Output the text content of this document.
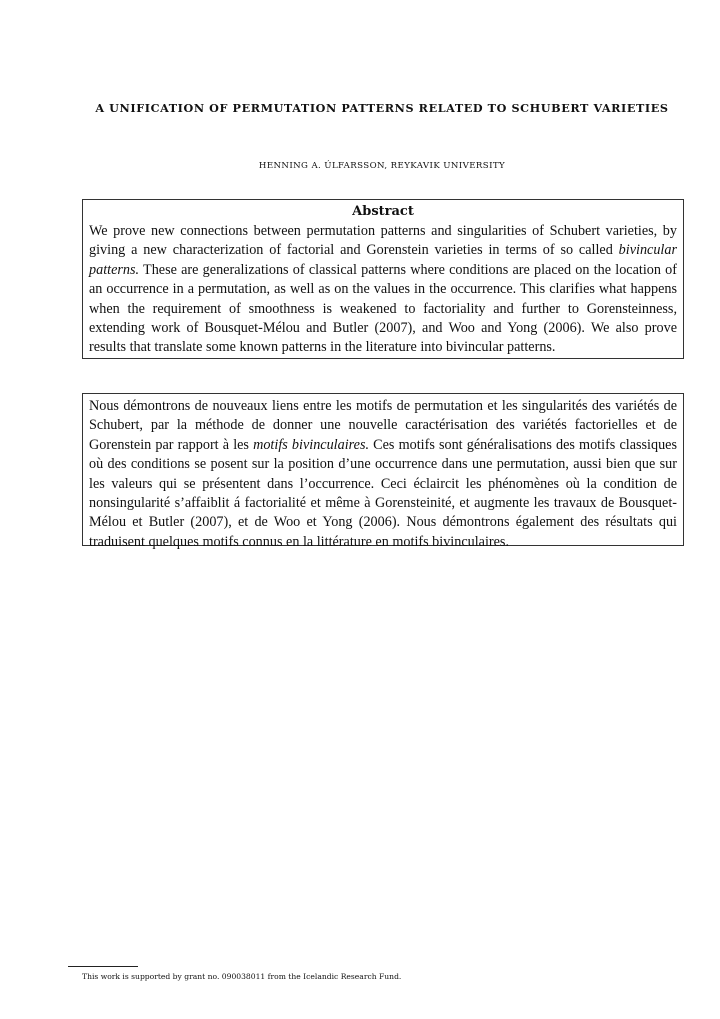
A UNIFICATION OF PERMUTATION PATTERNS RELATED TO SCHUBERT VARIETIES
HENNING A. ÚLFARSSON, REYKAVIK UNIVERSITY
Abstract

We prove new connections between permutation patterns and singularities of Schubert varieties, by giving a new characterization of factorial and Gorenstein varieties in terms of so called bivincular patterns. These are generalizations of classical patterns where conditions are placed on the location of an occurrence in a permutation, as well as on the values in the occurrence. This clarifies what happens when the requirement of smoothness is weakened to factoriality and further to Gorensteinness, extending work of Bousquet-Mélou and Butler (2007), and Woo and Yong (2006). We also prove results that translate some known patterns in the literature into bivincular patterns.

Nous démontrons de nouveaux liens entre les motifs de permutation et les singularités des variétés de Schubert, par la méthode de donner une nouvelle caractérisation des variétés factorielles et de Gorenstein par rapport à les motifs bivinculaires. Ces motifs sont généralisations des motifs classiques où des conditions se posent sur la position d’une occurrence dans une permutation, aussi bien que sur les valeurs qui se présentent dans l’occurrence. Ceci éclaircit les phénomènes où la condition de nonsingularité s’affaiblit á factorialité et même à Gorensteinité, et augmente les travaux de Bousquet-Mélou et Butler (2007), et de Woo et Yong (2006). Nous démontrons également des résultats qui traduisent quelques motifs connus en la littérature en motifs bivinculaires.

This work is supported by grant no. 090038011 from the Icelandic Research Fund.
